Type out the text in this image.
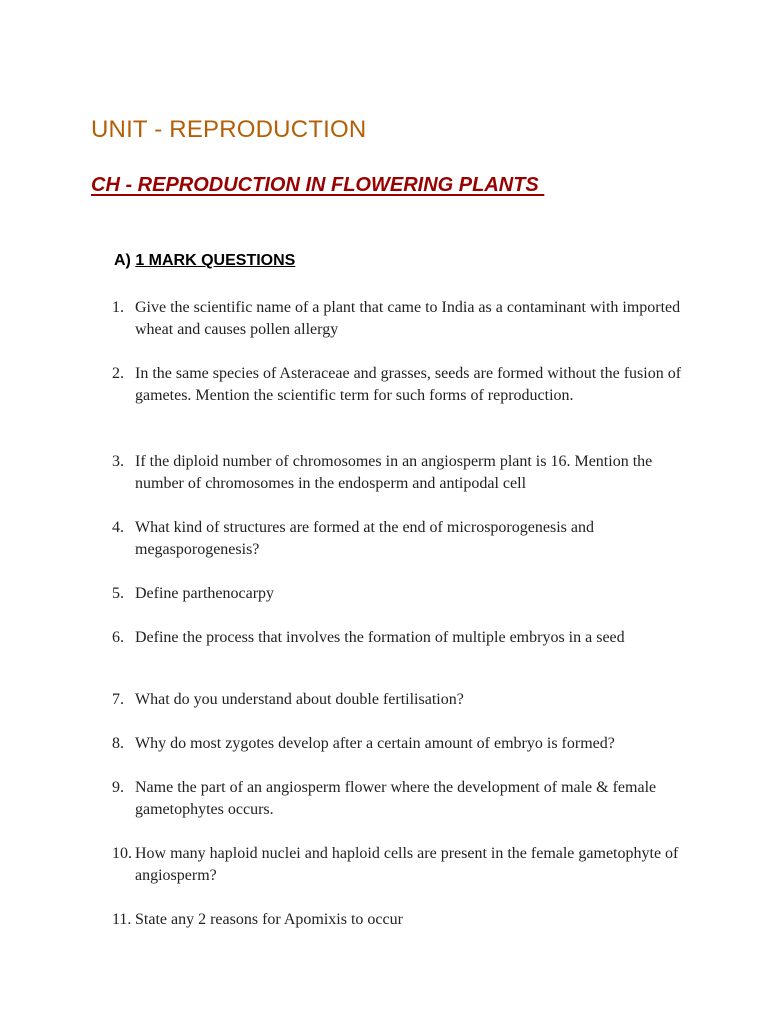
UNIT - REPRODUCTION
CH - REPRODUCTION IN FLOWERING PLANTS
A) 1 MARK QUESTIONS
1. Give the scientific name of a plant that came to India as a contaminant with imported wheat and causes pollen allergy
2. In the same species of Asteraceae and grasses, seeds are formed without the fusion of gametes. Mention the scientific term for such forms of reproduction.
3. If the diploid number of chromosomes in an angiosperm plant is 16. Mention the number of chromosomes in the endosperm and antipodal cell
4. What kind of structures are formed at the end of microsporogenesis and megasporogenesis?
5. Define parthenocarpy
6. Define the process that involves the formation of multiple embryos in a seed
7. What do you understand about double fertilisation?
8. Why do most zygotes develop after a certain amount of embryo is formed?
9. Name the part of an angiosperm flower where the development of male & female gametophytes occurs.
10. How many haploid nuclei and haploid cells are present in the female gametophyte of angiosperm?
11. State any 2 reasons for Apomixis to occur
